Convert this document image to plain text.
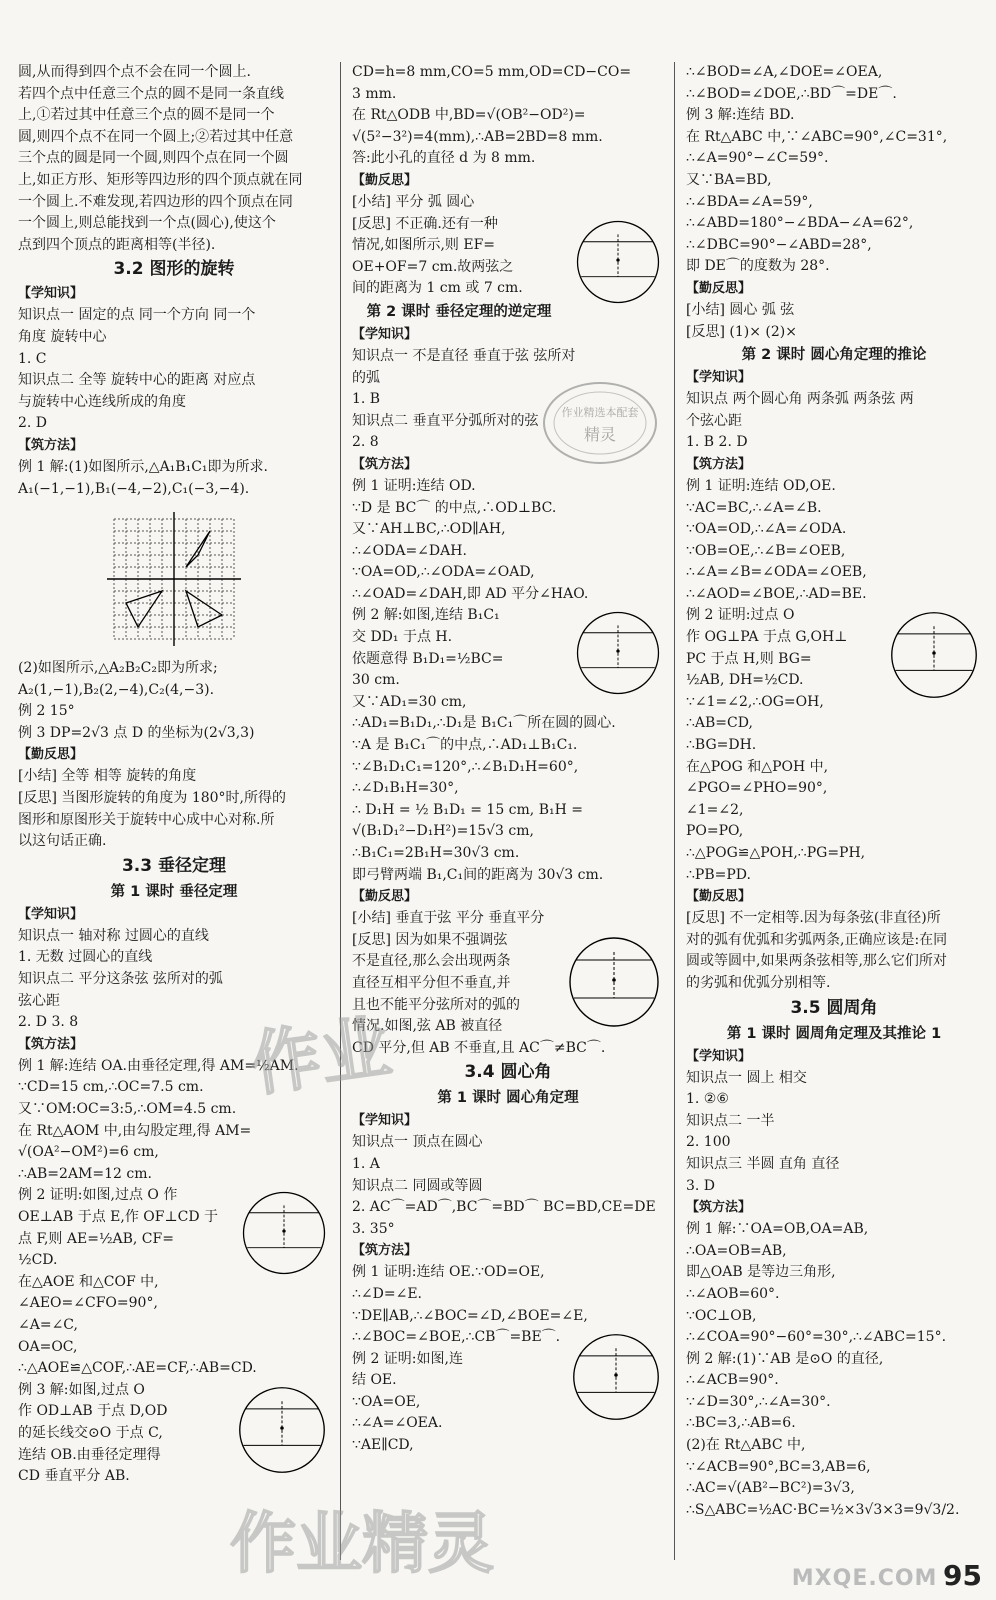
圆,从而得到四个点不会在同一个圆上.
若四个点中任意三个点的圆不是同一条直线
上,①若过其中任意三个点的圆不是同一个
圆,则四个点不在同一个圆上;②若过其中任意
三个点的圆是同一个圆,则四个点在同一个圆
上,如正方形、矩形等四边形的四个顶点就在同
一个圆上.不难发现,若四边形的四个顶点在同
一个圆上,则总能找到一个点(圆心),使这个
点到四个顶点的距离相等(半径).
3.2 图形的旋转
【学知识】
知识点一 固定的点 同一个方向 同一个
角度 旋转中心
1. C
知识点二 全等 旋转中心的距离 对应点
与旋转中心连线所成的角度
2. D
【筑方法】
例 1 解:(1)如图所示,△A₁B₁C₁即为所求.
A₁(−1,−1),B₁(−4,−2),C₁(−3,−4).
(2)如图所示,△A₂B₂C₂即为所求;
A₂(1,−1),B₂(2,−4),C₂(4,−3).
例 2 15°
例 3 DP=2√3 点 D 的坐标为(2√3,3)
【勤反思】
[小结] 全等 相等 旋转的角度
[反思] 当图形旋转的角度为 180°时,所得的
图形和原图形关于旋转中心成中心对称.所
以这句话正确.
3.3 垂径定理
第 1 课时 垂径定理
【学知识】
知识点一 轴对称 过圆心的直线
1. 无数 过圆心的直线
知识点二 平分这条弦 弦所对的弧
弦心距
2. D 3. 8
【筑方法】
例 1 解:连结 OA.由垂径定理,得 AM=½AM.
∵CD=15 cm,∴OC=7.5 cm.
又∵OM:OC=3:5,∴OM=4.5 cm.
在 Rt△AOM 中,由勾股定理,得 AM=
√(OA²−OM²)=6 cm,
∴AB=2AM=12 cm.
例 2 证明:如图,过点 O 作
OE⊥AB 于点 E,作 OF⊥CD 于
点 F,则 AE=½AB, CF=
½CD.
在△AOE 和△COF 中,
∠AEO=∠CFO=90°,
∠A=∠C,
OA=OC,
∴△AOE≌△COF,∴AE=CF,∴AB=CD.
例 3 解:如图,过点 O
作 OD⊥AB 于点 D,OD
的延长线交⊙O 于点 C,
连结 OB.由垂径定理得
CD 垂直平分 AB.
CD=h=8 mm,CO=5 mm,OD=CD−CO=
3 mm.
在 Rt△ODB 中,BD=√(OB²−OD²)=
√(5²−3²)=4(mm),∴AB=2BD=8 mm.
答:此小孔的直径 d 为 8 mm.
【勤反思】
[小结] 平分 弧 圆心
[反思] 不正确.还有一种
情况,如图所示,则 EF=
OE+OF=7 cm.故两弦之
间的距离为 1 cm 或 7 cm.
第 2 课时 垂径定理的逆定理
【学知识】
知识点一 不是直径 垂直于弦 弦所对
的弧
1. B
知识点二 垂直平分弧所对的弦
2. 8
【筑方法】
例 1 证明:连结 OD.
∵D 是 BC⌒ 的中点,∴OD⊥BC.
又∵AH⊥BC,∴OD∥AH,
∴∠ODA=∠DAH.
∵OA=OD,∴∠ODA=∠OAD,
∴∠OAD=∠DAH,即 AD 平分∠HAO.
例 2 解:如图,连结 B₁C₁
交 DD₁ 于点 H.
依题意得 B₁D₁=½BC=
30 cm.
又∵AD₁=30 cm,
∴AD₁=B₁D₁,∴D₁是 B₁C₁⌒所在圆的圆心.
∵A 是 B₁C₁⌒的中点,∴AD₁⊥B₁C₁.
∵∠B₁D₁C₁=120°,∴∠B₁D₁H=60°,
∴∠D₁B₁H=30°,
∴ D₁H = ½ B₁D₁ = 15 cm, B₁H =
√(B₁D₁²−D₁H²)=15√3 cm,
∴B₁C₁=2B₁H=30√3 cm.
即弓臂两端 B₁,C₁间的距离为 30√3 cm.
【勤反思】
[小结] 垂直于弦 平分 垂直平分
[反思] 因为如果不强调弦
不是直径,那么会出现两条
直径互相平分但不垂直,并
且也不能平分弦所对的弧的
情况.如图,弦 AB 被直径
CD 平分,但 AB 不垂直,且 AC⌒≠BC⌒.
3.4 圆心角
第 1 课时 圆心角定理
【学知识】
知识点一 顶点在圆心
1. A
知识点二 同圆或等圆
2. AC⌒=AD⌒,BC⌒=BD⌒ BC=BD,CE=DE
3. 35°
【筑方法】
例 1 证明:连结 OE.∵OD=OE,
∴∠D=∠E.
∵DE∥AB,∴∠BOC=∠D,∠BOE=∠E,
∴∠BOC=∠BOE,∴CB⌒=BE⌒.
例 2 证明:如图,连
结 OE.
∵OA=OE,
∴∠A=∠OEA.
∵AE∥CD,
∴∠BOD=∠A,∠DOE=∠OEA,
∴∠BOD=∠DOE,∴BD⌒=DE⌒.
例 3 解:连结 BD.
在 Rt△ABC 中,∵∠ABC=90°,∠C=31°,
∴∠A=90°−∠C=59°.
又∵BA=BD,
∴∠BDA=∠A=59°,
∴∠ABD=180°−∠BDA−∠A=62°,
∴∠DBC=90°−∠ABD=28°,
即 DE⌒的度数为 28°.
【勤反思】
[小结] 圆心 弧 弦
[反思] (1)× (2)×
第 2 课时 圆心角定理的推论
【学知识】
知识点 两个圆心角 两条弧 两条弦 两
个弦心距
1. B 2. D
【筑方法】
例 1 证明:连结 OD,OE.
∵AC=BC,∴∠A=∠B.
∵OA=OD,∴∠A=∠ODA.
∵OB=OE,∴∠B=∠OEB,
∴∠A=∠B=∠ODA=∠OEB,
∴∠AOD=∠BOE,∴AD=BE.
例 2 证明:过点 O
作 OG⊥PA 于点 G,OH⊥
PC 于点 H,则 BG=
½AB, DH=½CD.
∵∠1=∠2,∴OG=OH,
∴AB=CD,
∴BG=DH.
在△POG 和△POH 中,
∠PGO=∠PHO=90°,
∠1=∠2,
PO=PO,
∴△POG≌△POH,∴PG=PH,
∴PB=PD.
【勤反思】
[反思] 不一定相等.因为每条弦(非直径)所
对的弧有优弧和劣弧两条,正确应该是:在同
圆或等圆中,如果两条弦相等,那么它们所对
的劣弧和优弧分别相等.
3.5 圆周角
第 1 课时 圆周角定理及其推论 1
【学知识】
知识点一 圆上 相交
1. ②⑥
知识点二 一半
2. 100
知识点三 半圆 直角 直径
3. D
【筑方法】
例 1 解:∵OA=OB,OA=AB,
∴OA=OB=AB,
即△OAB 是等边三角形,
∴∠AOB=60°.
∵OC⊥OB,
∴∠COA=90°−60°=30°,∴∠ABC=15°.
例 2 解:(1)∵AB 是⊙O 的直径,
∴∠ACB=90°.
∵∠D=30°,∴∠A=30°.
∴BC=3,∴AB=6.
(2)在 Rt△ABC 中,
∵∠ACB=90°,BC=3,AB=6,
∴AC=√(AB²−BC²)=3√3,
∴S△ABC=½AC·BC=½×3√3×3=9√3/2.
作业精选本配套
精灵
作业
作业精灵	MXQE.COM 95
